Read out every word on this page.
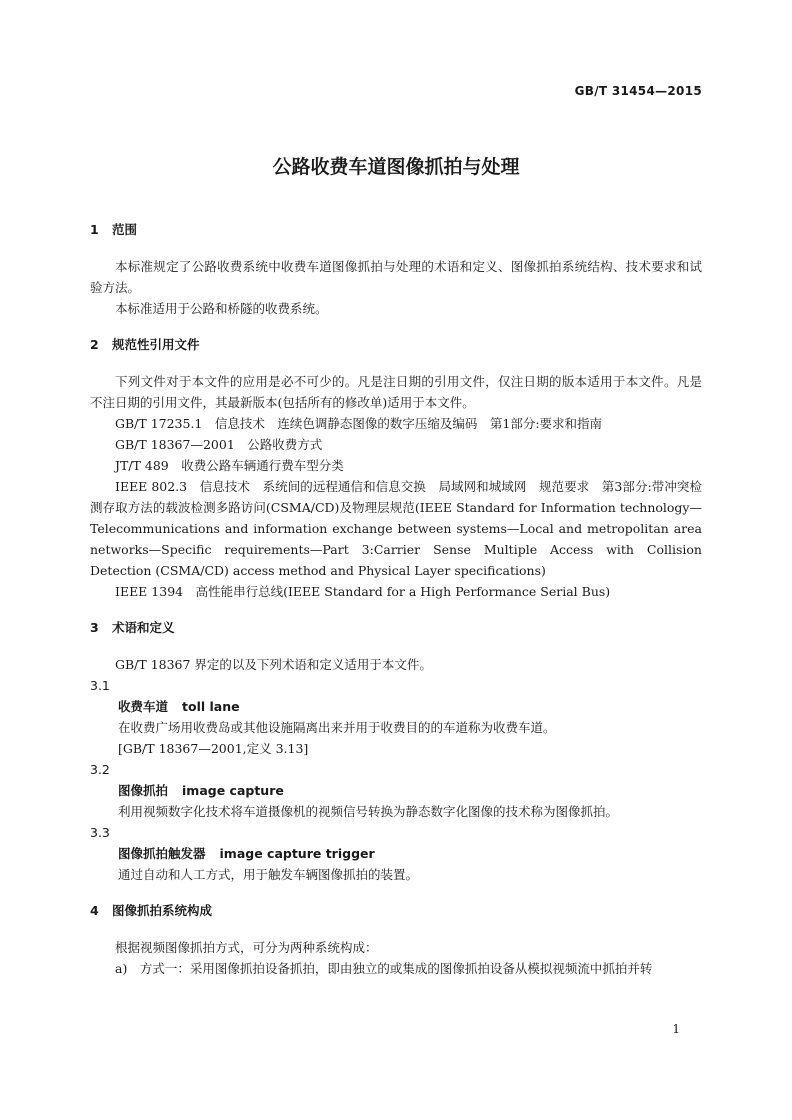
GB/T 31454—2015
公路收费车道图像抓拍与处理
1 范围

本标准规定了公路收费系统中收费车道图像抓拍与处理的术语和定义、图像抓拍系统结构、技术要求和试验方法。

本标准适用于公路和桥隧的收费系统。

2 规范性引用文件

下列文件对于本文件的应用是必不可少的。凡是注日期的引用文件，仅注日期的版本适用于本文件。凡是不注日期的引用文件，其最新版本(包括所有的修改单)适用于本文件。

GB/T 17235.1　信息技术　连续色调静态图像的数字压缩及编码　第1部分:要求和指南

GB/T 18367—2001　公路收费方式

JT/T 489　收费公路车辆通行费车型分类

IEEE 802.3　信息技术　系统间的远程通信和信息交换　局域网和城域网　规范要求　第3部分:带冲突检测存取方法的载波检测多路访问(CSMA/CD)及物理层规范(IEEE Standard for Information technology—Telecommunications and information exchange between systems—Local and metropolitan area networks—Specific requirements—Part 3:Carrier Sense Multiple Access with Collision Detection (CSMA/CD) access method and Physical Layer specifications)

IEEE 1394　高性能串行总线(IEEE Standard for a High Performance Serial Bus)

3 术语和定义

GB/T 18367 界定的以及下列术语和定义适用于本文件。

3.1

收费车道 toll lane

在收费广场用收费岛或其他设施隔离出来并用于收费目的的车道称为收费车道。

[GB/T 18367—2001,定义 3.13]

3.2

图像抓拍 image capture

利用视频数字化技术将车道摄像机的视频信号转换为静态数字化图像的技术称为图像抓拍。

3.3

图像抓拍触发器 image capture trigger

通过自动和人工方式，用于触发车辆图像抓拍的装置。

4 图像抓拍系统构成

根据视频图像抓拍方式，可分为两种系统构成：

a)　方式一：采用图像抓拍设备抓拍，即由独立的或集成的图像抓拍设备从模拟视频流中抓拍并转

1
